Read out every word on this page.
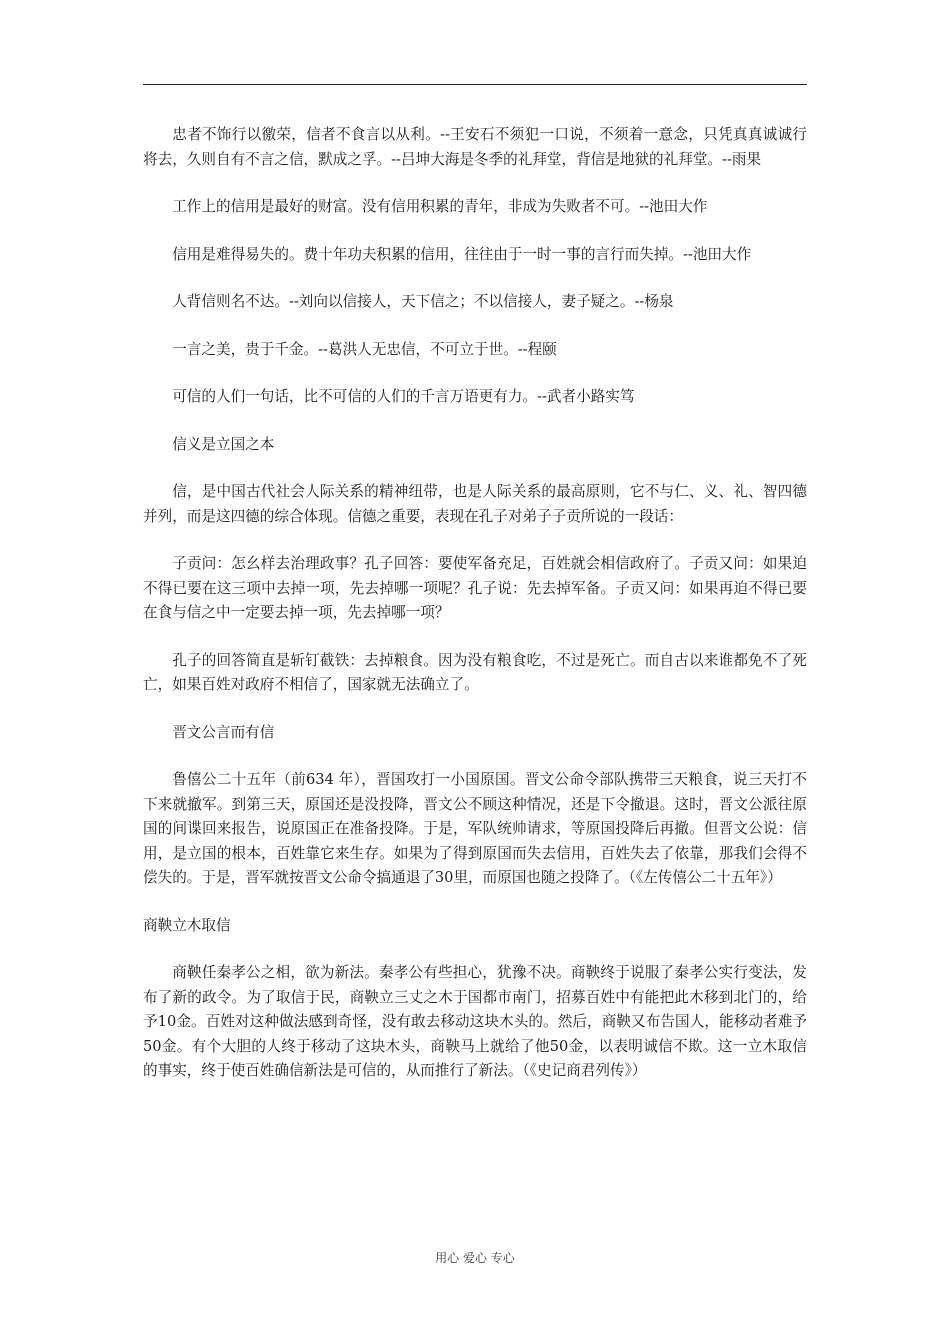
忠者不饰行以徼荣，信者不食言以从利。--王安石不须犯一口说，不须着一意念，只凭真真诚诚行将去，久则自有不言之信，默成之孚。--吕坤大海是冬季的礼拜堂，背信是地狱的礼拜堂。--雨果

工作上的信用是最好的财富。没有信用积累的青年，非成为失败者不可。--池田大作

信用是难得易失的。费十年功夫积累的信用，往往由于一时一事的言行而失掉。--池田大作

人背信则名不达。--刘向以信接人，天下信之；不以信接人，妻子疑之。--杨泉

一言之美，贵于千金。--葛洪人无忠信，不可立于世。--程颐

可信的人们一句话，比不可信的人们的千言万语更有力。--武者小路实笃

信义是立国之本

信，是中国古代社会人际关系的精神纽带，也是人际关系的最高原则，它不与仁、义、礼、智四德并列，而是这四德的综合体现。信德之重要，表现在孔子对弟子子贡所说的一段话：

子贡问：怎幺样去治理政事？孔子回答：要使军备充足，百姓就会相信政府了。子贡又问：如果迫不得已要在这三项中去掉一项，先去掉哪一项呢？孔子说：先去掉军备。子贡又问：如果再迫不得已要在食与信之中一定要去掉一项，先去掉哪一项？

孔子的回答简直是斩钉截铁：去掉粮食。因为没有粮食吃，不过是死亡。而自古以来谁都免不了死亡，如果百姓对政府不相信了，国家就无法确立了。

晋文公言而有信

鲁僖公二十五年（前634 年），晋国攻打一小国原国。晋文公命令部队携带三天粮食，说三天打不下来就撤军。到第三天，原国还是没投降，晋文公不顾这种情况，还是下令撤退。这时，晋文公派往原国的间谍回来报告，说原国正在准备投降。于是，军队统帅请求，等原国投降后再撤。但晋文公说：信用，是立国的根本，百姓靠它来生存。如果为了得到原国而失去信用，百姓失去了依靠，那我们会得不偿失的。于是，晋军就按晋文公命令搞通退了30里，而原国也随之投降了。（《左传僖公二十五年》）

商鞅立木取信

商鞅任秦孝公之相，欲为新法。秦孝公有些担心，犹豫不决。商鞅终于说服了秦孝公实行变法，发布了新的政令。为了取信于民，商鞅立三丈之木于国都市南门，招募百姓中有能把此木移到北门的，给予10金。百姓对这种做法感到奇怪，没有敢去移动这块木头的。然后，商鞅又布告国人，能移动者难予50金。有个大胆的人终于移动了这块木头，商鞅马上就给了他50金，以表明诚信不欺。这一立木取信的事实，终于使百姓确信新法是可信的，从而推行了新法。（《史记商君列传》）

用心 爱心 专心
